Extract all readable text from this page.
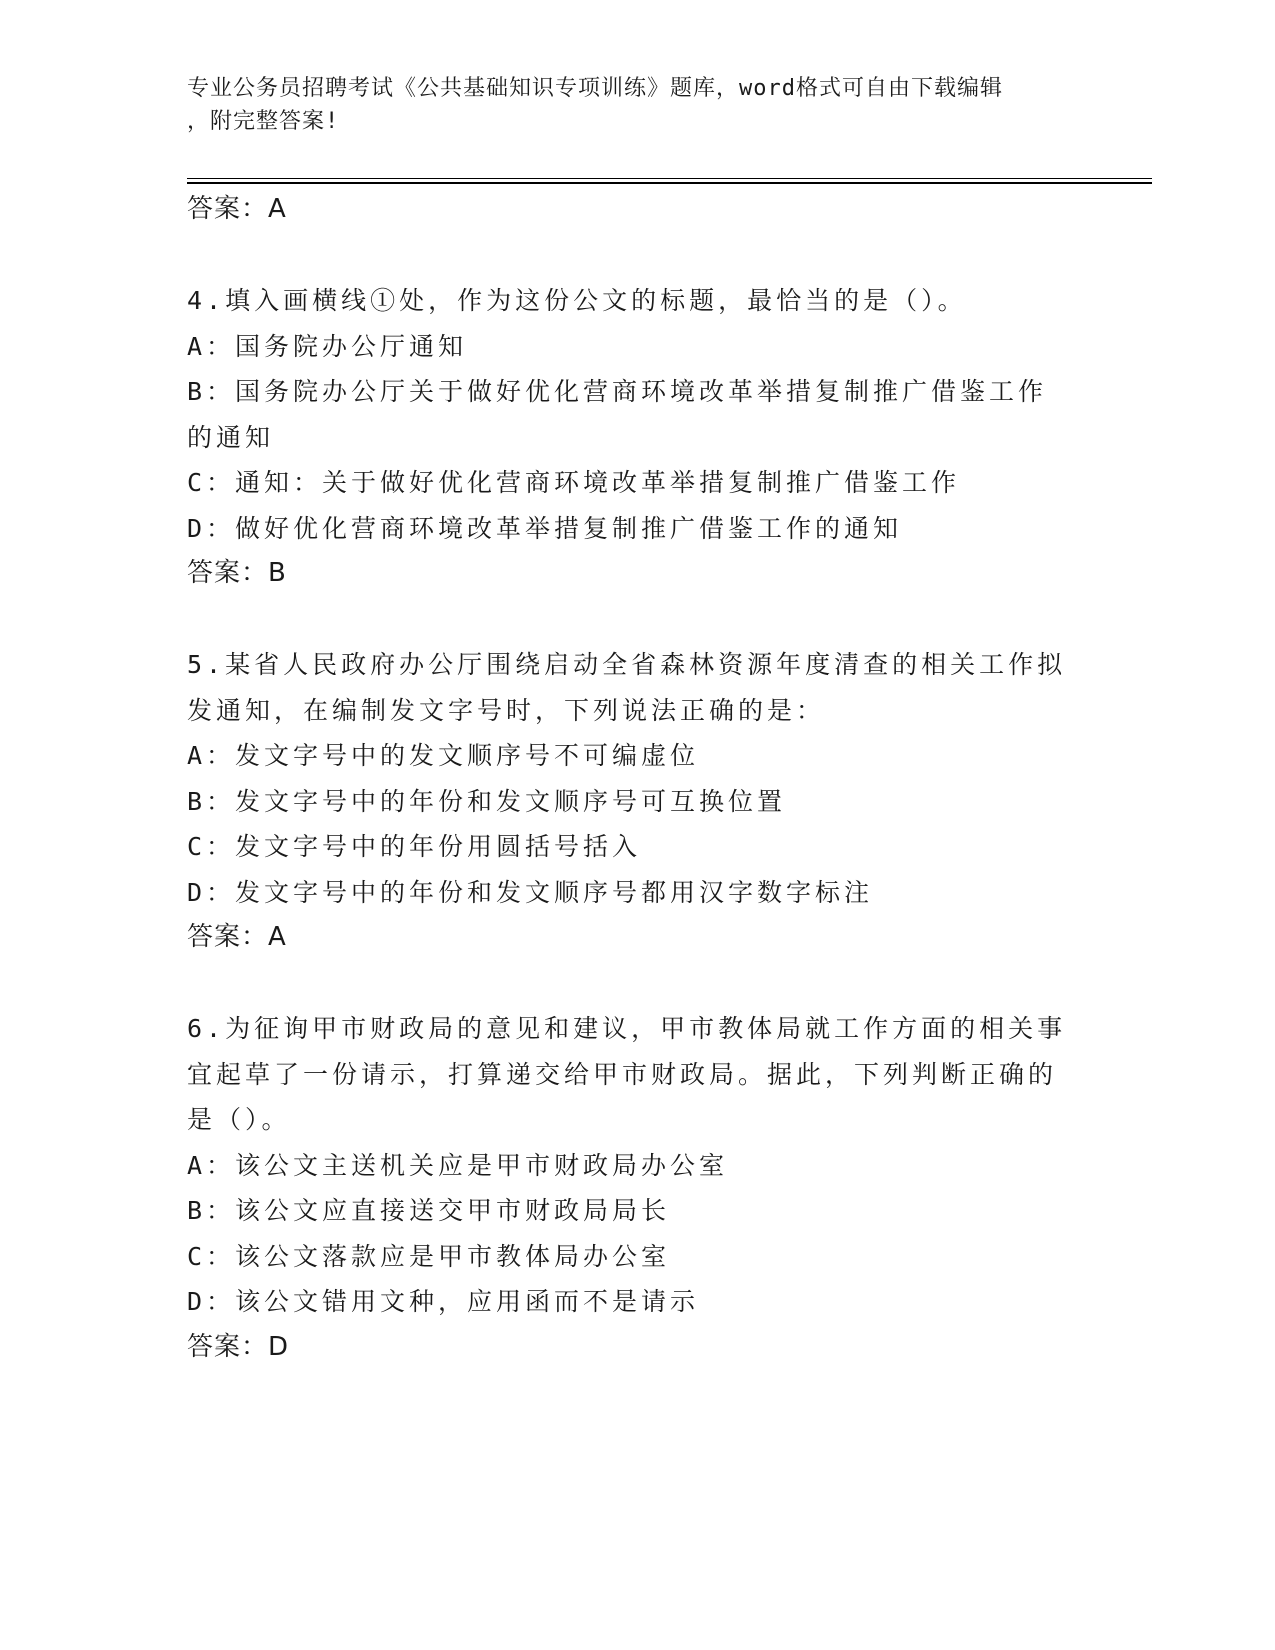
专业公务员招聘考试《公共基础知识专项训练》题库，word格式可自由下载编辑
，附完整答案!

答案：A

4.填入画横线①处，作为这份公文的标题，最恰当的是（）。

A：国务院办公厅通知

B：国务院办公厅关于做好优化营商环境改革举措复制推广借鉴工作的通知

C：通知：关于做好优化营商环境改革举措复制推广借鉴工作

D：做好优化营商环境改革举措复制推广借鉴工作的通知

答案：B

5.某省人民政府办公厅围绕启动全省森林资源年度清查的相关工作拟发通知，在编制发文字号时，下列说法正确的是：

A：发文字号中的发文顺序号不可编虚位

B：发文字号中的年份和发文顺序号可互换位置

C：发文字号中的年份用圆括号括入

D：发文字号中的年份和发文顺序号都用汉字数字标注

答案：A

6.为征询甲市财政局的意见和建议，甲市教体局就工作方面的相关事宜起草了一份请示，打算递交给甲市财政局。据此，下列判断正确的是（）。

A：该公文主送机关应是甲市财政局办公室

B：该公文应直接送交甲市财政局局长

C：该公文落款应是甲市教体局办公室

D：该公文错用文种，应用函而不是请示

答案：D
